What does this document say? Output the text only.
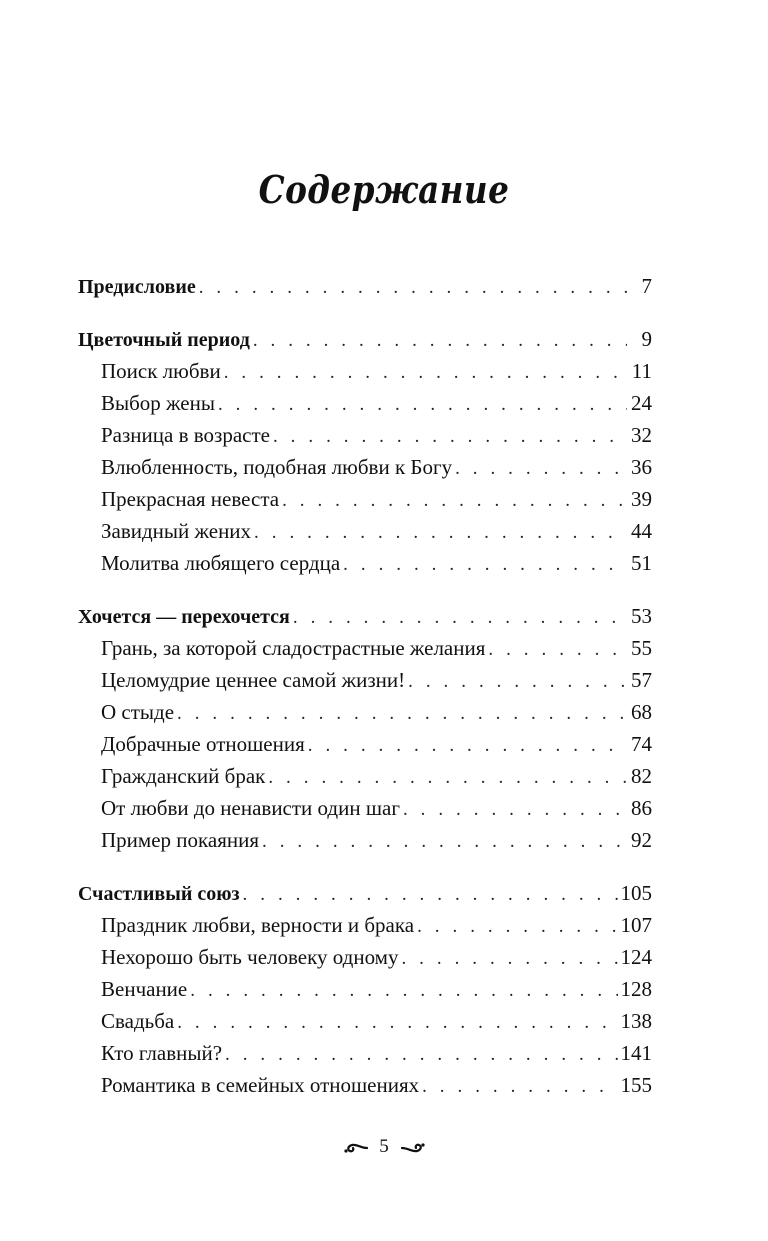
Содержание
Предисловие . . .	7
Цветочный период . . .	9
Поиск любви . . .	11
Выбор жены . . .	24
Разница в возрасте . . .	32
Влюбленность, подобная любви к Богу . . .	36
Прекрасная невеста . . .	39
Завидный жених . . .	44
Молитва любящего сердца . . .	51
Хочется — перехочется . . .	53
Грань, за которой сладострастные желания . . .	55
Целомудрие ценнее самой жизни! . . .	57
О стыде . . .	68
Добрачные отношения . . .	74
Гражданский брак . . .	82
От любви до ненависти один шаг . . .	86
Пример покаяния . . .	92
Счастливый союз . . .	105
Праздник любви, верности и брака . . .	107
Нехорошо быть человеку одному . . .	124
Венчание . . .	128
Свадьба . . .	138
Кто главный? . . .	141
Романтика в семейных отношениях . . .	155
5
